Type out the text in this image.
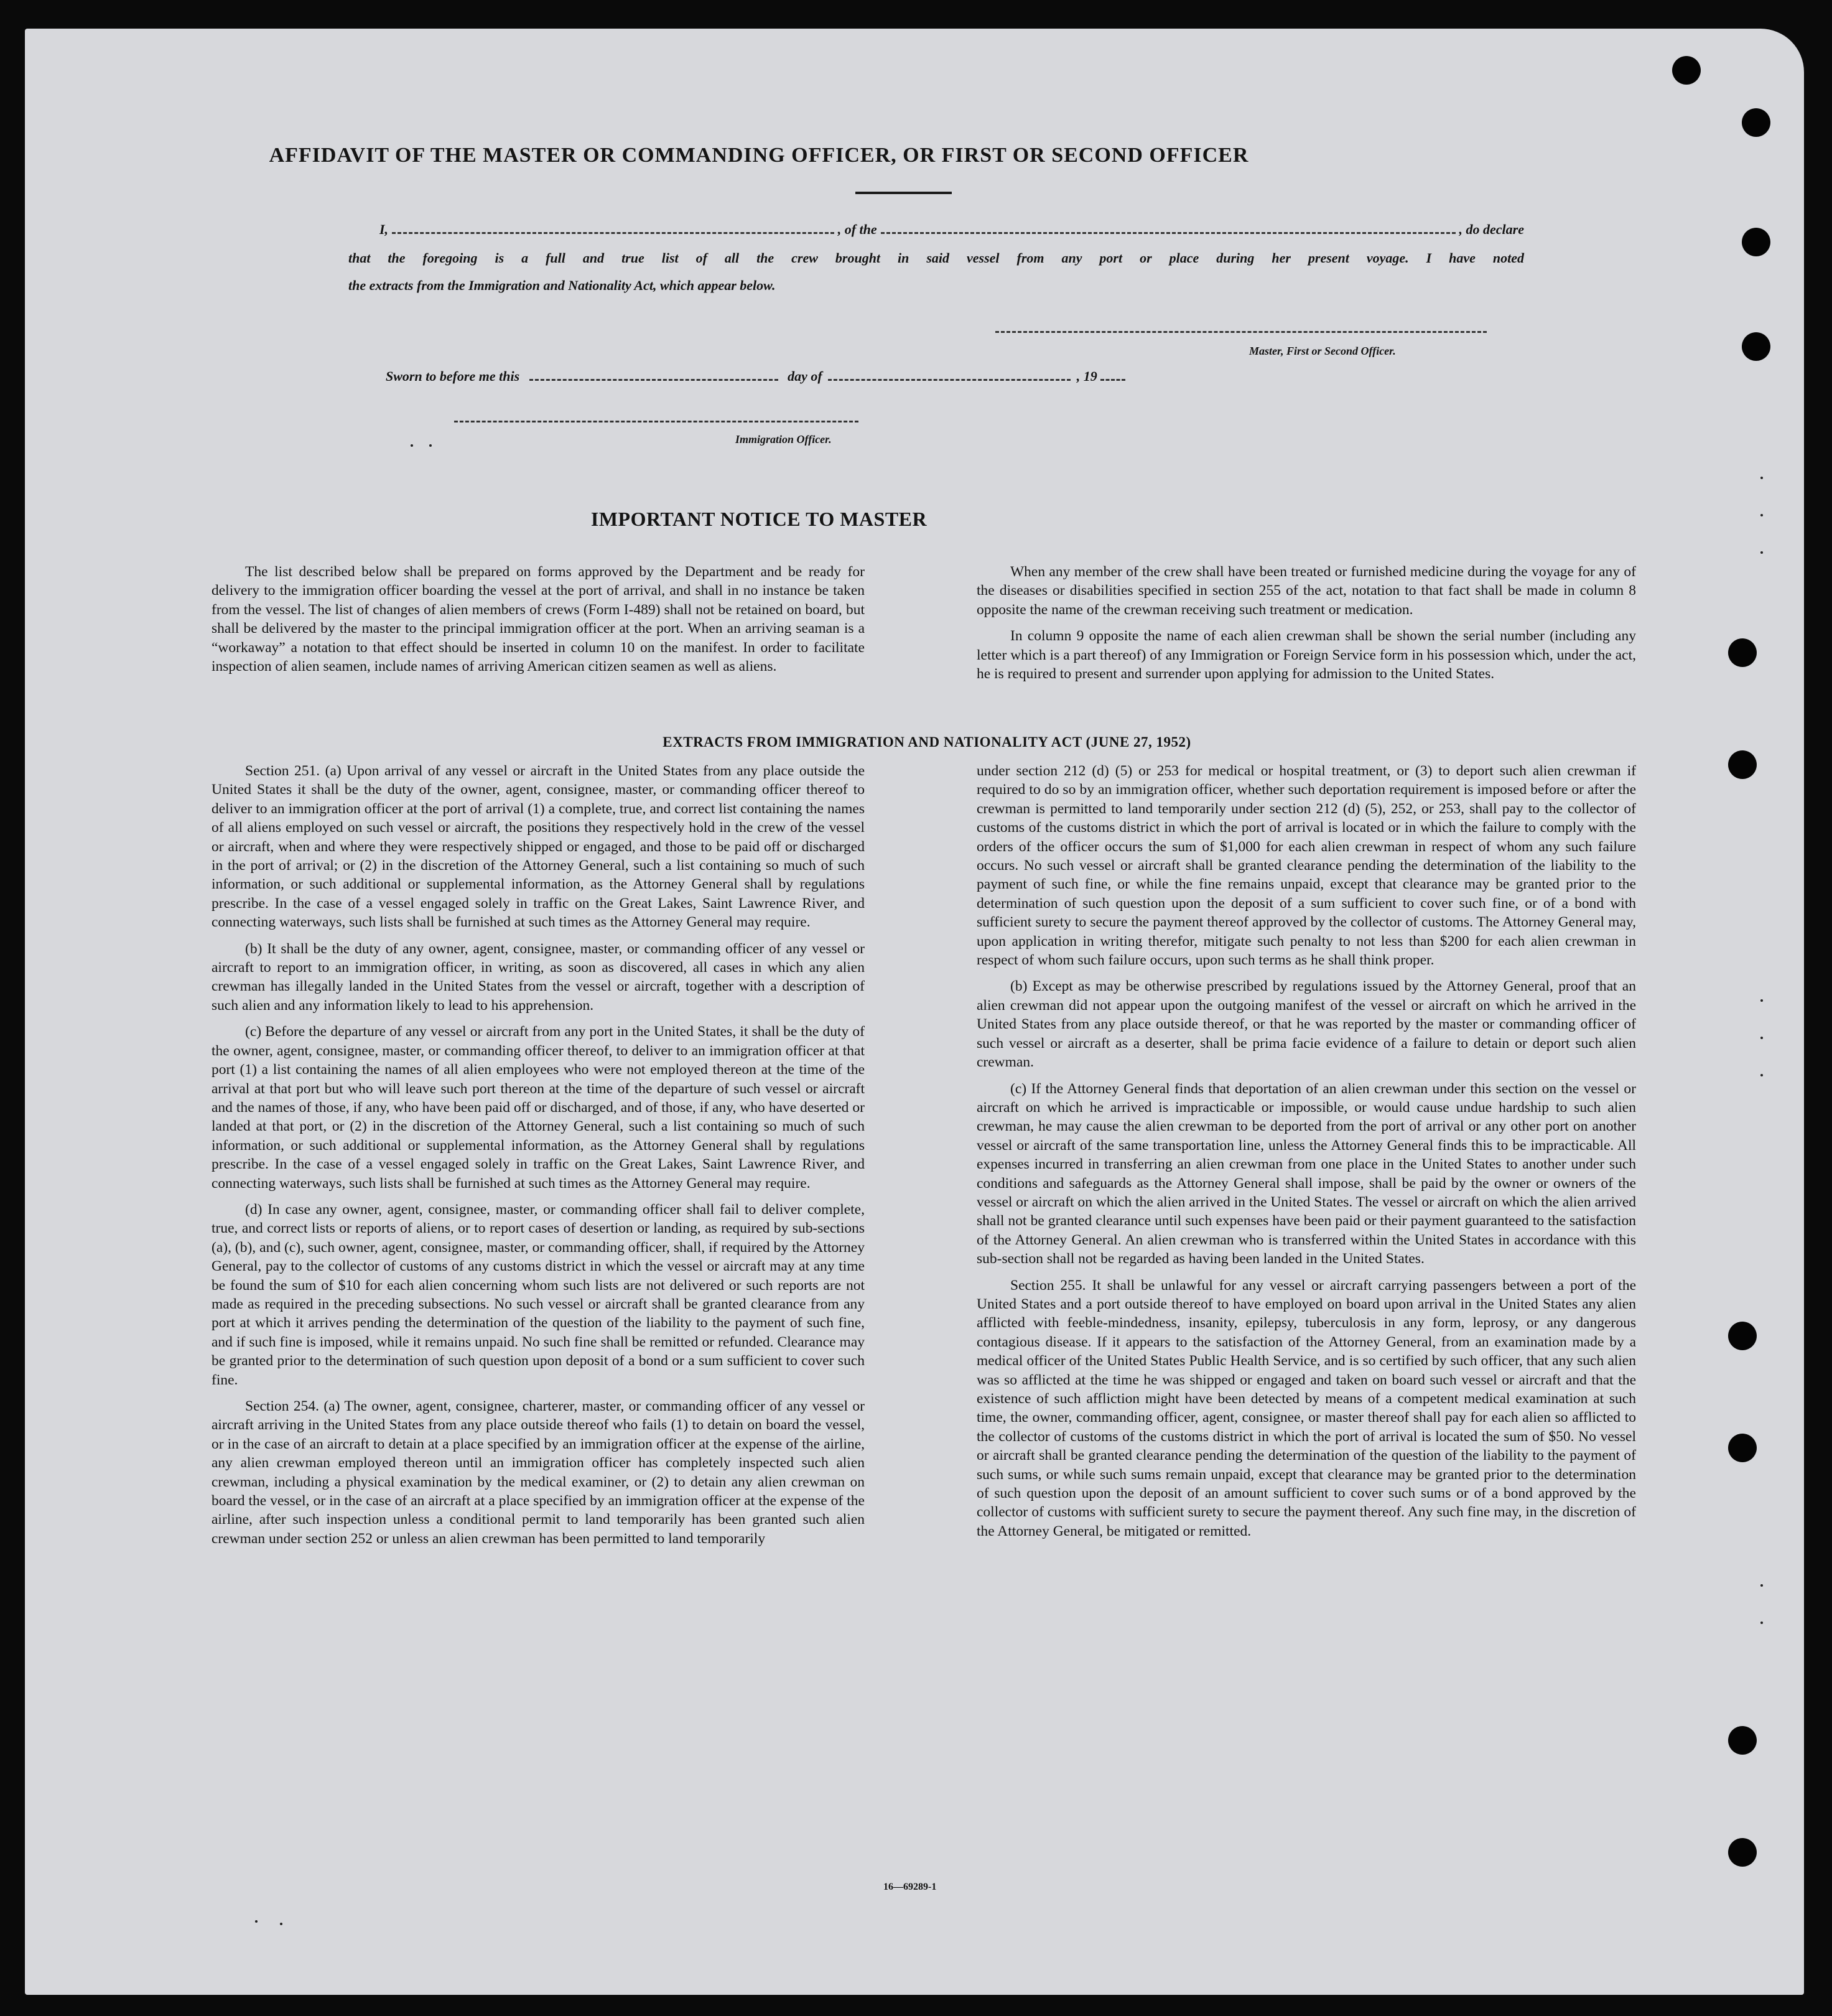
AFFIDAVIT OF THE MASTER OR COMMANDING OFFICER, OR FIRST OR SECOND OFFICER
I,	, of the	, do declare
that the foregoing is a full and true list of all the crew brought in said vessel from any port or place during her present voyage. I have noted
the extracts from the Immigration and Nationality Act, which appear below.
Master, First or Second Officer.
Sworn to before me this	day of	, 19
Immigration Officer.
IMPORTANT NOTICE TO MASTER

The list described below shall be prepared on forms approved by the Department and be ready for delivery to the immigration officer boarding the vessel at the port of arrival, and shall in no instance be taken from the vessel. The list of changes of alien members of crews (Form I-489) shall not be retained on board, but shall be delivered by the master to the principal immigration officer at the port. When an arriving seaman is a “workaway” a notation to that effect should be inserted in column 10 on the manifest. In order to facilitate inspection of alien seamen, include names of arriving American citizen seamen as well as aliens.

When any member of the crew shall have been treated or furnished medicine during the voyage for any of the diseases or disabilities specified in section 255 of the act, notation to that fact shall be made in column 8 opposite the name of the crewman receiving such treatment or medication.

In column 9 opposite the name of each alien crewman shall be shown the serial number (including any letter which is a part thereof) of any Immigration or Foreign Service form in his possession which, under the act, he is required to present and surrender upon applying for admission to the United States.

EXTRACTS FROM IMMIGRATION AND NATIONALITY ACT (JUNE 27, 1952)

Section 251. (a) Upon arrival of any vessel or aircraft in the United States from any place outside the United States it shall be the duty of the owner, agent, consignee, master, or commanding officer thereof to deliver to an immigration officer at the port of arrival (1) a complete, true, and correct list containing the names of all aliens employed on such vessel or aircraft, the positions they respectively hold in the crew of the vessel or aircraft, when and where they were respectively shipped or engaged, and those to be paid off or discharged in the port of arrival; or (2) in the discretion of the Attorney General, such a list containing so much of such information, or such additional or supplemental information, as the Attorney General shall by regulations prescribe. In the case of a vessel engaged solely in traffic on the Great Lakes, Saint Lawrence River, and connecting waterways, such lists shall be furnished at such times as the Attorney General may require.

(b) It shall be the duty of any owner, agent, consignee, master, or commanding officer of any vessel or aircraft to report to an immigration officer, in writing, as soon as discovered, all cases in which any alien crewman has illegally landed in the United States from the vessel or aircraft, together with a description of such alien and any information likely to lead to his apprehension.

(c) Before the departure of any vessel or aircraft from any port in the United States, it shall be the duty of the owner, agent, consignee, master, or commanding officer thereof, to deliver to an immigration officer at that port (1) a list containing the names of all alien employees who were not employed thereon at the time of the arrival at that port but who will leave such port thereon at the time of the departure of such vessel or aircraft and the names of those, if any, who have been paid off or discharged, and of those, if any, who have deserted or landed at that port, or (2) in the discretion of the Attorney General, such a list containing so much of such information, or such additional or supplemental information, as the Attorney General shall by regulations prescribe. In the case of a vessel engaged solely in traffic on the Great Lakes, Saint Lawrence River, and connecting waterways, such lists shall be furnished at such times as the Attorney General may require.

(d) In case any owner, agent, consignee, master, or commanding officer shall fail to deliver complete, true, and correct lists or reports of aliens, or to report cases of desertion or landing, as required by sub-sections (a), (b), and (c), such owner, agent, consignee, master, or commanding officer, shall, if required by the Attorney General, pay to the collector of customs of any customs district in which the vessel or aircraft may at any time be found the sum of $10 for each alien concerning whom such lists are not delivered or such reports are not made as required in the preceding subsections. No such vessel or aircraft shall be granted clearance from any port at which it arrives pending the determination of the question of the liability to the payment of such fine, and if such fine is imposed, while it remains unpaid. No such fine shall be remitted or refunded. Clearance may be granted prior to the determination of such question upon deposit of a bond or a sum sufficient to cover such fine.

Section 254. (a) The owner, agent, consignee, charterer, master, or commanding officer of any vessel or aircraft arriving in the United States from any place outside thereof who fails (1) to detain on board the vessel, or in the case of an aircraft to detain at a place specified by an immigration officer at the expense of the airline, any alien crewman employed thereon until an immigration officer has completely inspected such alien crewman, including a physical examination by the medical examiner, or (2) to detain any alien crewman on board the vessel, or in the case of an aircraft at a place specified by an immigration officer at the expense of the airline, after such inspection unless a conditional permit to land temporarily has been granted such alien crewman under section 252 or unless an alien crewman has been permitted to land temporarily

under section 212 (d) (5) or 253 for medical or hospital treatment, or (3) to deport such alien crewman if required to do so by an immigration officer, whether such deportation requirement is imposed before or after the crewman is permitted to land temporarily under section 212 (d) (5), 252, or 253, shall pay to the collector of customs of the customs district in which the port of arrival is located or in which the failure to comply with the orders of the officer occurs the sum of $1,000 for each alien crewman in respect of whom any such failure occurs. No such vessel or aircraft shall be granted clearance pending the determination of the liability to the payment of such fine, or while the fine remains unpaid, except that clearance may be granted prior to the determination of such question upon the deposit of a sum sufficient to cover such fine, or of a bond with sufficient surety to secure the payment thereof approved by the collector of customs. The Attorney General may, upon application in writing therefor, mitigate such penalty to not less than $200 for each alien crewman in respect of whom such failure occurs, upon such terms as he shall think proper.

(b) Except as may be otherwise prescribed by regulations issued by the Attorney General, proof that an alien crewman did not appear upon the outgoing manifest of the vessel or aircraft on which he arrived in the United States from any place outside thereof, or that he was reported by the master or commanding officer of such vessel or aircraft as a deserter, shall be prima facie evidence of a failure to detain or deport such alien crewman.

(c) If the Attorney General finds that deportation of an alien crewman under this section on the vessel or aircraft on which he arrived is impracticable or impossible, or would cause undue hardship to such alien crewman, he may cause the alien crewman to be deported from the port of arrival or any other port on another vessel or aircraft of the same transportation line, unless the Attorney General finds this to be impracticable. All expenses incurred in transferring an alien crewman from one place in the United States to another under such conditions and safeguards as the Attorney General shall impose, shall be paid by the owner or owners of the vessel or aircraft on which the alien arrived in the United States. The vessel or aircraft on which the alien arrived shall not be granted clearance until such expenses have been paid or their payment guaranteed to the satisfaction of the Attorney General. An alien crewman who is transferred within the United States in accordance with this sub-section shall not be regarded as having been landed in the United States.

Section 255. It shall be unlawful for any vessel or aircraft carrying passengers between a port of the United States and a port outside thereof to have employed on board upon arrival in the United States any alien afflicted with feeble-mindedness, insanity, epilepsy, tuberculosis in any form, leprosy, or any dangerous contagious disease. If it appears to the satisfaction of the Attorney General, from an examination made by a medical officer of the United States Public Health Service, and is so certified by such officer, that any such alien was so afflicted at the time he was shipped or engaged and taken on board such vessel or aircraft and that the existence of such affliction might have been detected by means of a competent medical examination at such time, the owner, commanding officer, agent, consignee, or master thereof shall pay for each alien so afflicted to the collector of customs of the customs district in which the port of arrival is located the sum of $50. No vessel or aircraft shall be granted clearance pending the determination of the question of the liability to the payment of such sums, or while such sums remain unpaid, except that clearance may be granted prior to the determination of such question upon the deposit of an amount sufficient to cover such sums or of a bond approved by the collector of customs with sufficient surety to secure the payment thereof. Any such fine may, in the discretion of the Attorney General, be mitigated or remitted.

16—69289-1
